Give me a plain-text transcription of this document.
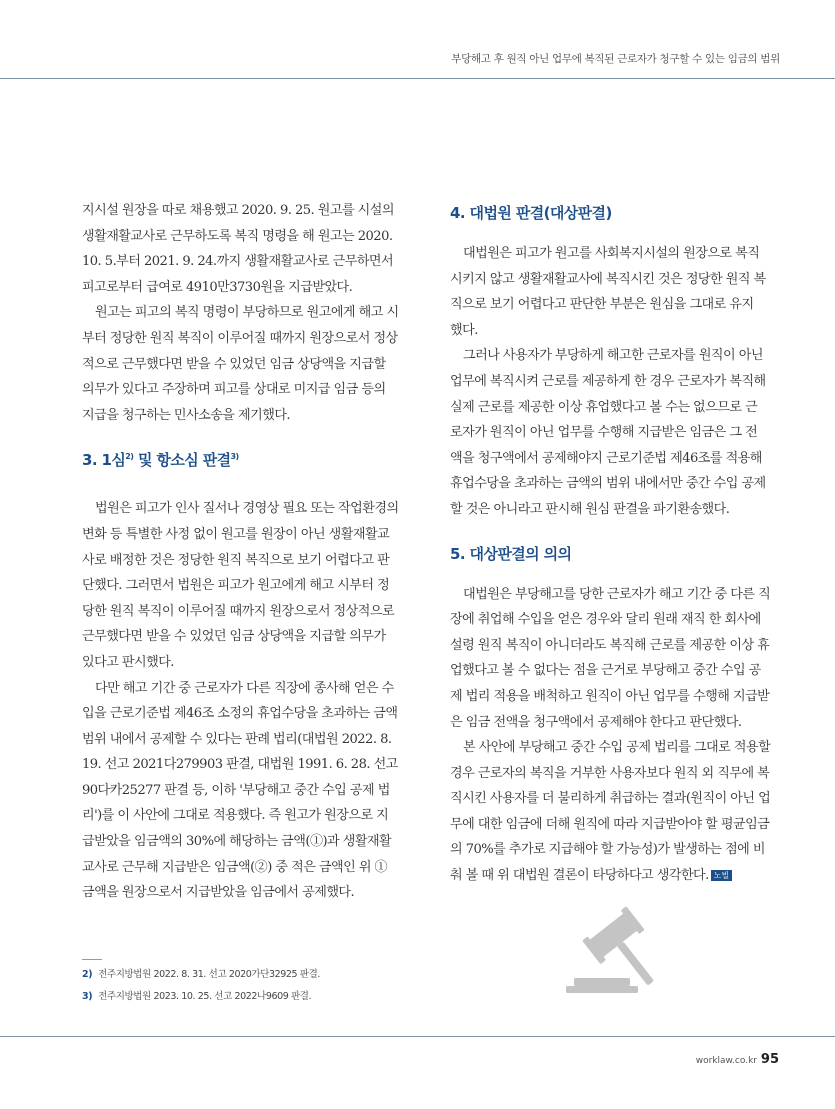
부당해고 후 원직 아닌 업무에 복직된 근로자가 청구할 수 있는 임금의 범위

지시설 원장을 따로 채용했고 2020. 9. 25. 원고를 시설의
생활재활교사로 근무하도록 복직 명령을 해 원고는 2020.
10. 5.부터 2021. 9. 24.까지 생활재활교사로 근무하면서
피고로부터 급여로 4910만3730원을 지급받았다.

원고는 피고의 복직 명령이 부당하므로 원고에게 해고 시
부터 정당한 원직 복직이 이루어질 때까지 원장으로서 정상
적으로 근무했다면 받을 수 있었던 임금 상당액을 지급할
의무가 있다고 주장하며 피고를 상대로 미지급 임금 등의
지급을 청구하는 민사소송을 제기했다.

3. 1심$^{2)}$ 및 항소심 판결$^{3)}$

법원은 피고가 인사 질서나 경영상 필요 또는 작업환경의
변화 등 특별한 사정 없이 원고를 원장이 아닌 생활재활교
사로 배정한 것은 정당한 원직 복직으로 보기 어렵다고 판
단했다. 그러면서 법원은 피고가 원고에게 해고 시부터 정
당한 원직 복직이 이루어질 때까지 원장으로서 정상적으로
근무했다면 받을 수 있었던 임금 상당액을 지급할 의무가
있다고 판시했다.

다만 해고 기간 중 근로자가 다른 직장에 종사해 얻은 수
입을 근로기준법 제46조 소정의 휴업수당을 초과하는 금액
범위 내에서 공제할 수 있다는 판례 법리(대법원 2022. 8.
19. 선고 2021다279903 판결, 대법원 1991. 6. 28. 선고
90다카25277 판결 등, 이하 '부당해고 중간 수입 공제 법
리')를 이 사안에 그대로 적용했다. 즉 원고가 원장으로 지
급받았을 임금액의 30%에 해당하는 금액(①)과 생활재활
교사로 근무해 지급받은 임금액(②) 중 적은 금액인 위 ①
금액을 원장으로서 지급받았을 임금에서 공제했다.

4. 대법원 판결(대상판결)

대법원은 피고가 원고를 사회복지시설의 원장으로 복직
시키지 않고 생활재활교사에 복직시킨 것은 정당한 원직 복
직으로 보기 어렵다고 판단한 부분은 원심을 그대로 유지
했다.

그러나 사용자가 부당하게 해고한 근로자를 원직이 아닌
업무에 복직시켜 근로를 제공하게 한 경우 근로자가 복직해
실제 근로를 제공한 이상 휴업했다고 볼 수는 없으므로 근
로자가 원직이 아닌 업무를 수행해 지급받은 임금은 그 전
액을 청구액에서 공제해야지 근로기준법 제46조를 적용해
휴업수당을 초과하는 금액의 범위 내에서만 중간 수입 공제
할 것은 아니라고 판시해 원심 판결을 파기환송했다.

5. 대상판결의 의의

대법원은 부당해고를 당한 근로자가 해고 기간 중 다른 직
장에 취업해 수입을 얻은 경우와 달리 원래 재직 한 회사에
설령 원직 복직이 아니더라도 복직해 근로를 제공한 이상 휴
업했다고 볼 수 없다는 점을 근거로 부당해고 중간 수입 공
제 법리 적용을 배척하고 원직이 아닌 업무를 수행해 지급받
은 임금 전액을 청구액에서 공제해야 한다고 판단했다.

본 사안에 부당해고 중간 수입 공제 법리를 그대로 적용할
경우 근로자의 복직을 거부한 사용자보다 원직 외 직무에 복
직시킨 사용자를 더 불리하게 취급하는 결과(원직이 아닌 업
무에 대한 임금에 더해 원직에 따라 지급받아야 할 평균임금
의 70%를 추가로 지급해야 할 가능성)가 발생하는 점에 비
춰 볼 때 위 대법원 결론이 타당하다고 생각한다. 노빌

2) 전주지방법원 2022. 8. 31. 선고 2020가단32925 판결.
3) 전주지방법원 2023. 10. 25. 선고 2022나9609 판결.
worklaw.co.kr 95
